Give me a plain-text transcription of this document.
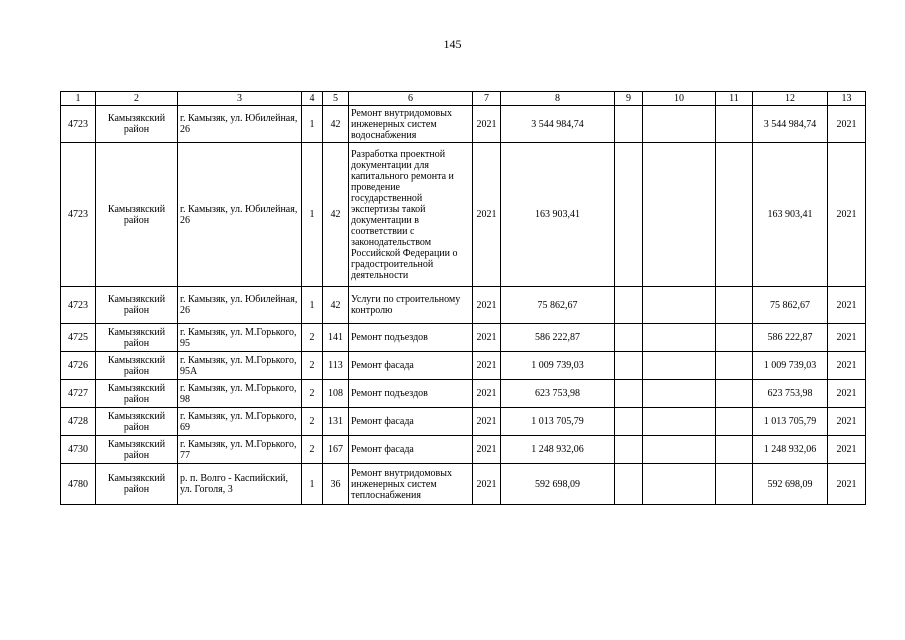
145
1	2	3	4	5	6	7	8	9	10	11	12	13
4723	Камызякский район	г. Камызяк, ул. Юбилейная, 26	1	42	Ремонт внутридомовых инженерных систем водоснабжения	2021	3 544 984,74				3 544 984,74	2021
4723	Камызякский район	г. Камызяк, ул. Юбилейная, 26	1	42	Разработка проектной документации для капитального ремонта и проведение государственной экспертизы такой документации в соответствии с законодательством Российской Федерации о градостроительной деятельности	2021	163 903,41				163 903,41	2021
4723	Камызякский район	г. Камызяк, ул. Юбилейная, 26	1	42	Услуги по строительному контролю	2021	75 862,67				75 862,67	2021
4725	Камызякский район	г. Камызяк, ул. М.Горького, 95	2	141	Ремонт подъездов	2021	586 222,87				586 222,87	2021
4726	Камызякский район	г. Камызяк, ул. М.Горького, 95А	2	113	Ремонт фасада	2021	1 009 739,03				1 009 739,03	2021
4727	Камызякский район	г. Камызяк, ул. М.Горького, 98	2	108	Ремонт подъездов	2021	623 753,98				623 753,98	2021
4728	Камызякский район	г. Камызяк, ул. М.Горького, 69	2	131	Ремонт фасада	2021	1 013 705,79				1 013 705,79	2021
4730	Камызякский район	г. Камызяк, ул. М.Горького, 77	2	167	Ремонт фасада	2021	1 248 932,06				1 248 932,06	2021
4780	Камызякский район	р. п. Волго - Каспийский, ул. Гоголя, 3	1	36	Ремонт внутридомовых инженерных систем теплоснабжения	2021	592 698,09				592 698,09	2021
